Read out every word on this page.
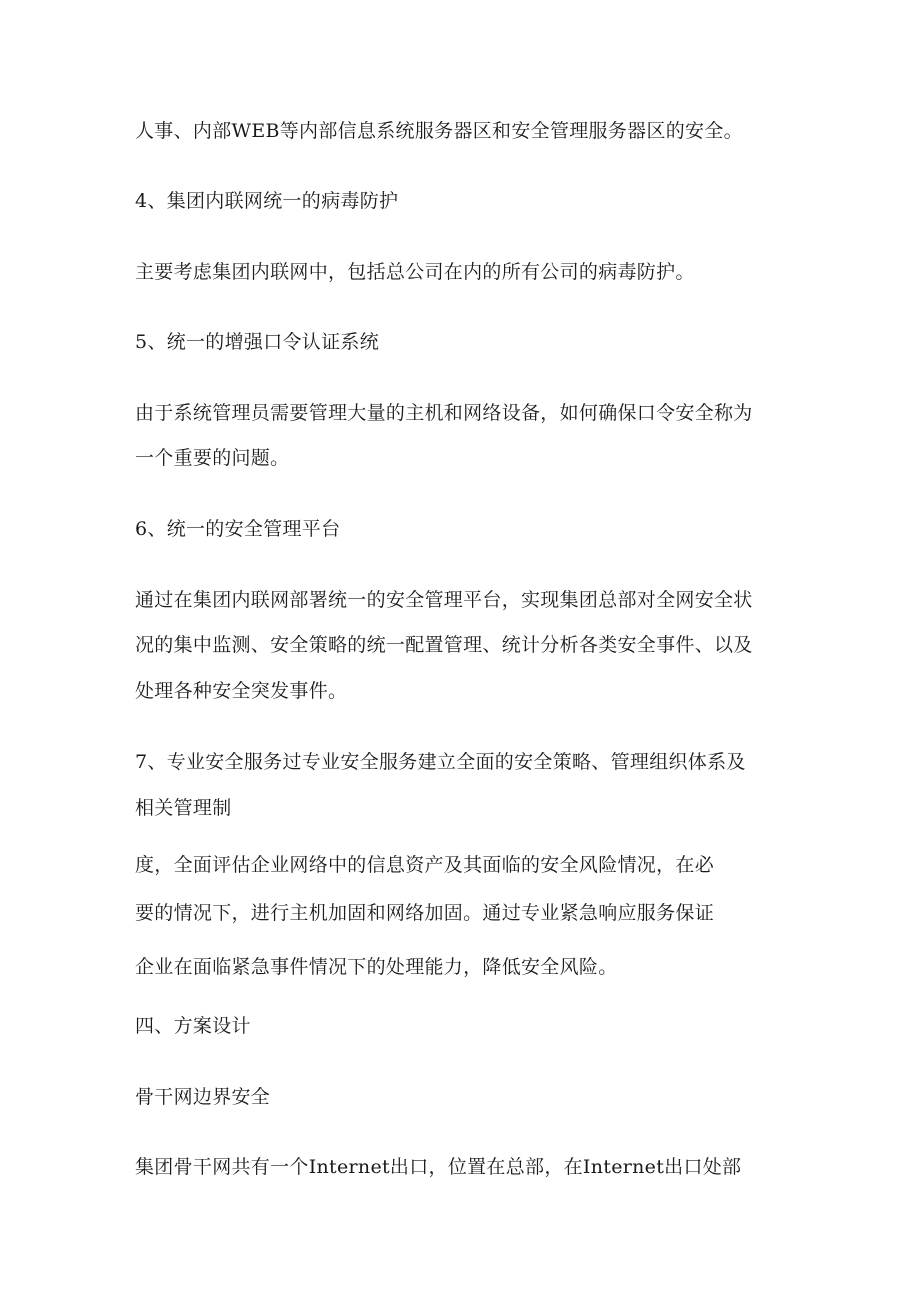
人事、内部WEB等内部信息系统服务器区和安全管理服务器区的安全。

4、集团内联网统一的病毒防护

主要考虑集团内联网中，包括总公司在内的所有公司的病毒防护。

5、统一的增强口令认证系统

由于系统管理员需要管理大量的主机和网络设备，如何确保口令安全称为

一个重要的问题。

6、统一的安全管理平台

通过在集团内联网部署统一的安全管理平台，实现集团总部对全网安全状

况的集中监测、安全策略的统一配置管理、统计分析各类安全事件、以及

处理各种安全突发事件。

7、专业安全服务过专业安全服务建立全面的安全策略、管理组织体系及

相关管理制

度，全面评估企业网络中的信息资产及其面临的安全风险情况，在必

要的情况下，进行主机加固和网络加固。通过专业紧急响应服务保证

企业在面临紧急事件情况下的处理能力，降低安全风险。

四、方案设计

骨干网边界安全

集团骨干网共有一个Internet出口，位置在总部，在Internet出口处部
